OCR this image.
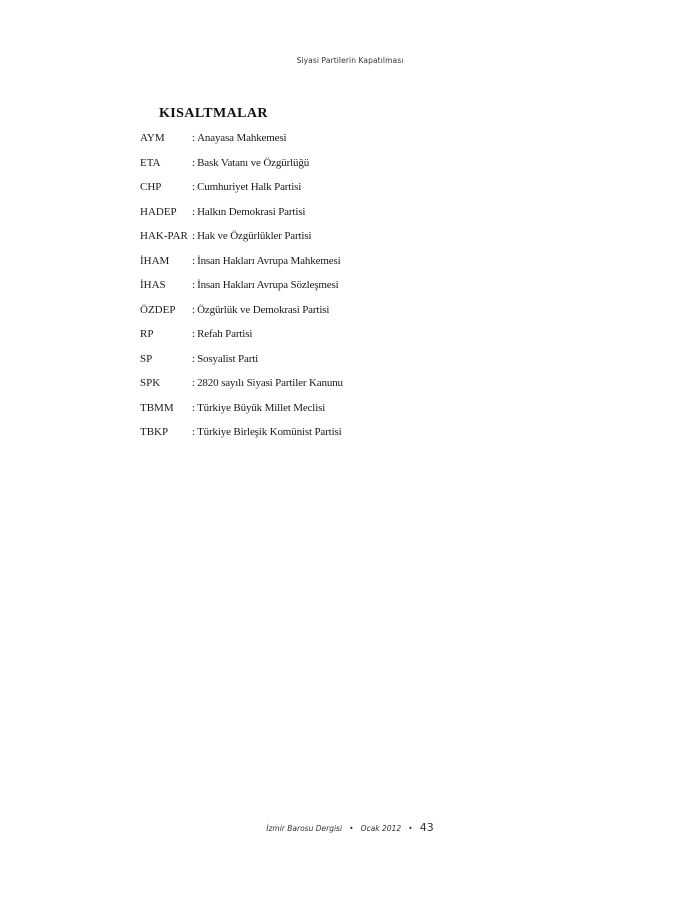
Siyasi Partilerin Kapatılması
KISALTMALAR
AYM	: Anayasa Mahkemesi
ETA	: Bask Vatanı ve Özgürlüğü
CHP	: Cumhuriyet Halk Partisi
HADEP	: Halkın Demokrasi Partisi
HAK-PAR : Hak ve Özgürlükler Partisi
İHAM	: İnsan Hakları Avrupa Mahkemesi
İHAS	: İnsan Hakları Avrupa Sözleşmesi
ÖZDEP	: Özgürlük ve Demokrasi Partisi
RP	: Refah Partisi
SP	: Sosyalist Parti
SPK	: 2820 sayılı Siyasi Partiler Kanunu
TBMM	: Türkiye Büyük Millet Meclisi
TBKP	: Türkiye Birleşik Komünist Partisi
İzmir Barosu Dergisi • Ocak 2012 • 43
